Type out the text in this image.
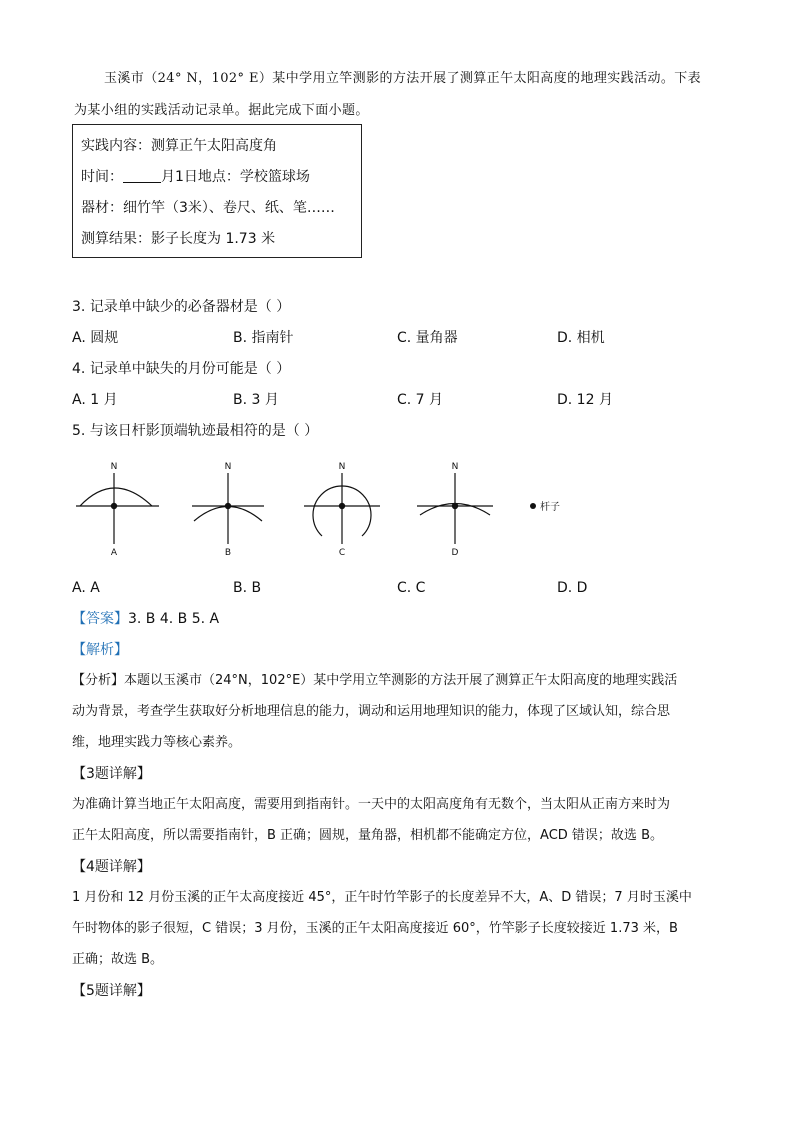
玉溪市（24° N，102° E）某中学用立竿测影的方法开展了测算正午太阳高度的地理实践活动。下表
为某小组的实践活动记录单。据此完成下面小题。
实践内容：测算正午太阳高度角
时间：	月1日地点：学校篮球场
器材：细竹竿（3米）、卷尺、纸、笔……
测算结果：影子长度为 1.73 米
3. 记录单中缺少的必备器材是（ ）
A. 圆规	B. 指南针	C. 量角器	D. 相机
4. 记录单中缺失的月份可能是（ ）
A. 1 月	B. 3 月	C. 7 月	D. 12 月
5. 与该日杆影顶端轨迹最相符的是（ ）
N	N	N	N
A	B	C	D
杆子
A. A	B. B	C. C	D. D
【答案】3. B 4. B 5. A
【解析】
【分析】本题以玉溪市（24°N，102°E）某中学用立竿测影的方法开展了测算正午太阳高度的地理实践活
动为背景，考查学生获取好分析地理信息的能力，调动和运用地理知识的能力，体现了区域认知，综合思
维，地理实践力等核心素养。
【3题详解】
为准确计算当地正午太阳高度，需要用到指南针。一天中的太阳高度角有无数个，当太阳从正南方来时为
正午太阳高度，所以需要指南针，B 正确；圆规，量角器，相机都不能确定方位，ACD 错误；故选 B。
【4题详解】
1 月份和 12 月份玉溪的正午太高度接近 45°，正午时竹竿影子的长度差异不大，A、D 错误；7 月时玉溪中
午时物体的影子很短，C 错误；3 月份，玉溪的正午太阳高度接近 60°，竹竿影子长度较接近 1.73 米，B
正确；故选 B。
【5题详解】
